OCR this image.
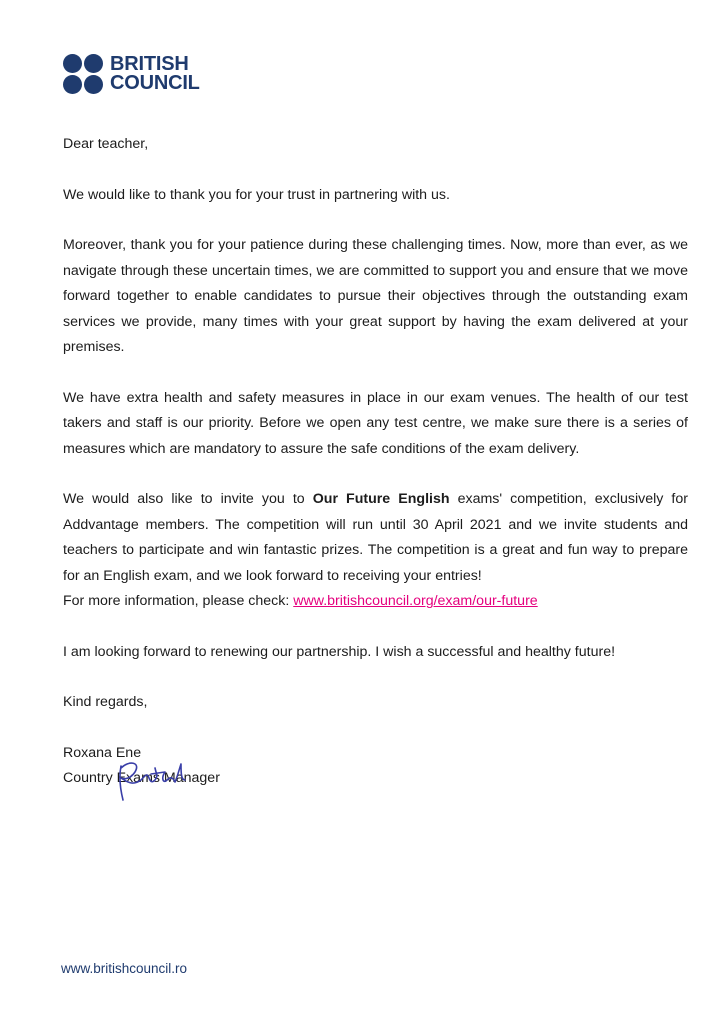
BRITISH
COUNCIL

Dear teacher,

We would like to thank you for your trust in partnering with us.

Moreover, thank you for your patience during these challenging times. Now, more than ever, as we navigate through these uncertain times, we are committed to support you and ensure that we move forward together to enable candidates to pursue their objectives through the outstanding exam services we provide, many times with your great support by having the exam delivered at your premises.

We have extra health and safety measures in place in our exam venues. The health of our test takers and staff is our priority. Before we open any test centre, we make sure there is a series of measures which are mandatory to assure the safe conditions of the exam delivery.

We would also like to invite you to Our Future English exams' competition, exclusively for Addvantage members. The competition will run until 30 April 2021 and we invite students and teachers to participate and win fantastic prizes. The competition is a great and fun way to prepare for an English exam, and we look forward to receiving your entries!

For more information, please check: www.britishcouncil.org/exam/our-future

I am looking forward to renewing our partnership. I wish a successful and healthy future!

Kind regards,

Roxana Ene

Country Exams Manager

www.britishcouncil.ro
